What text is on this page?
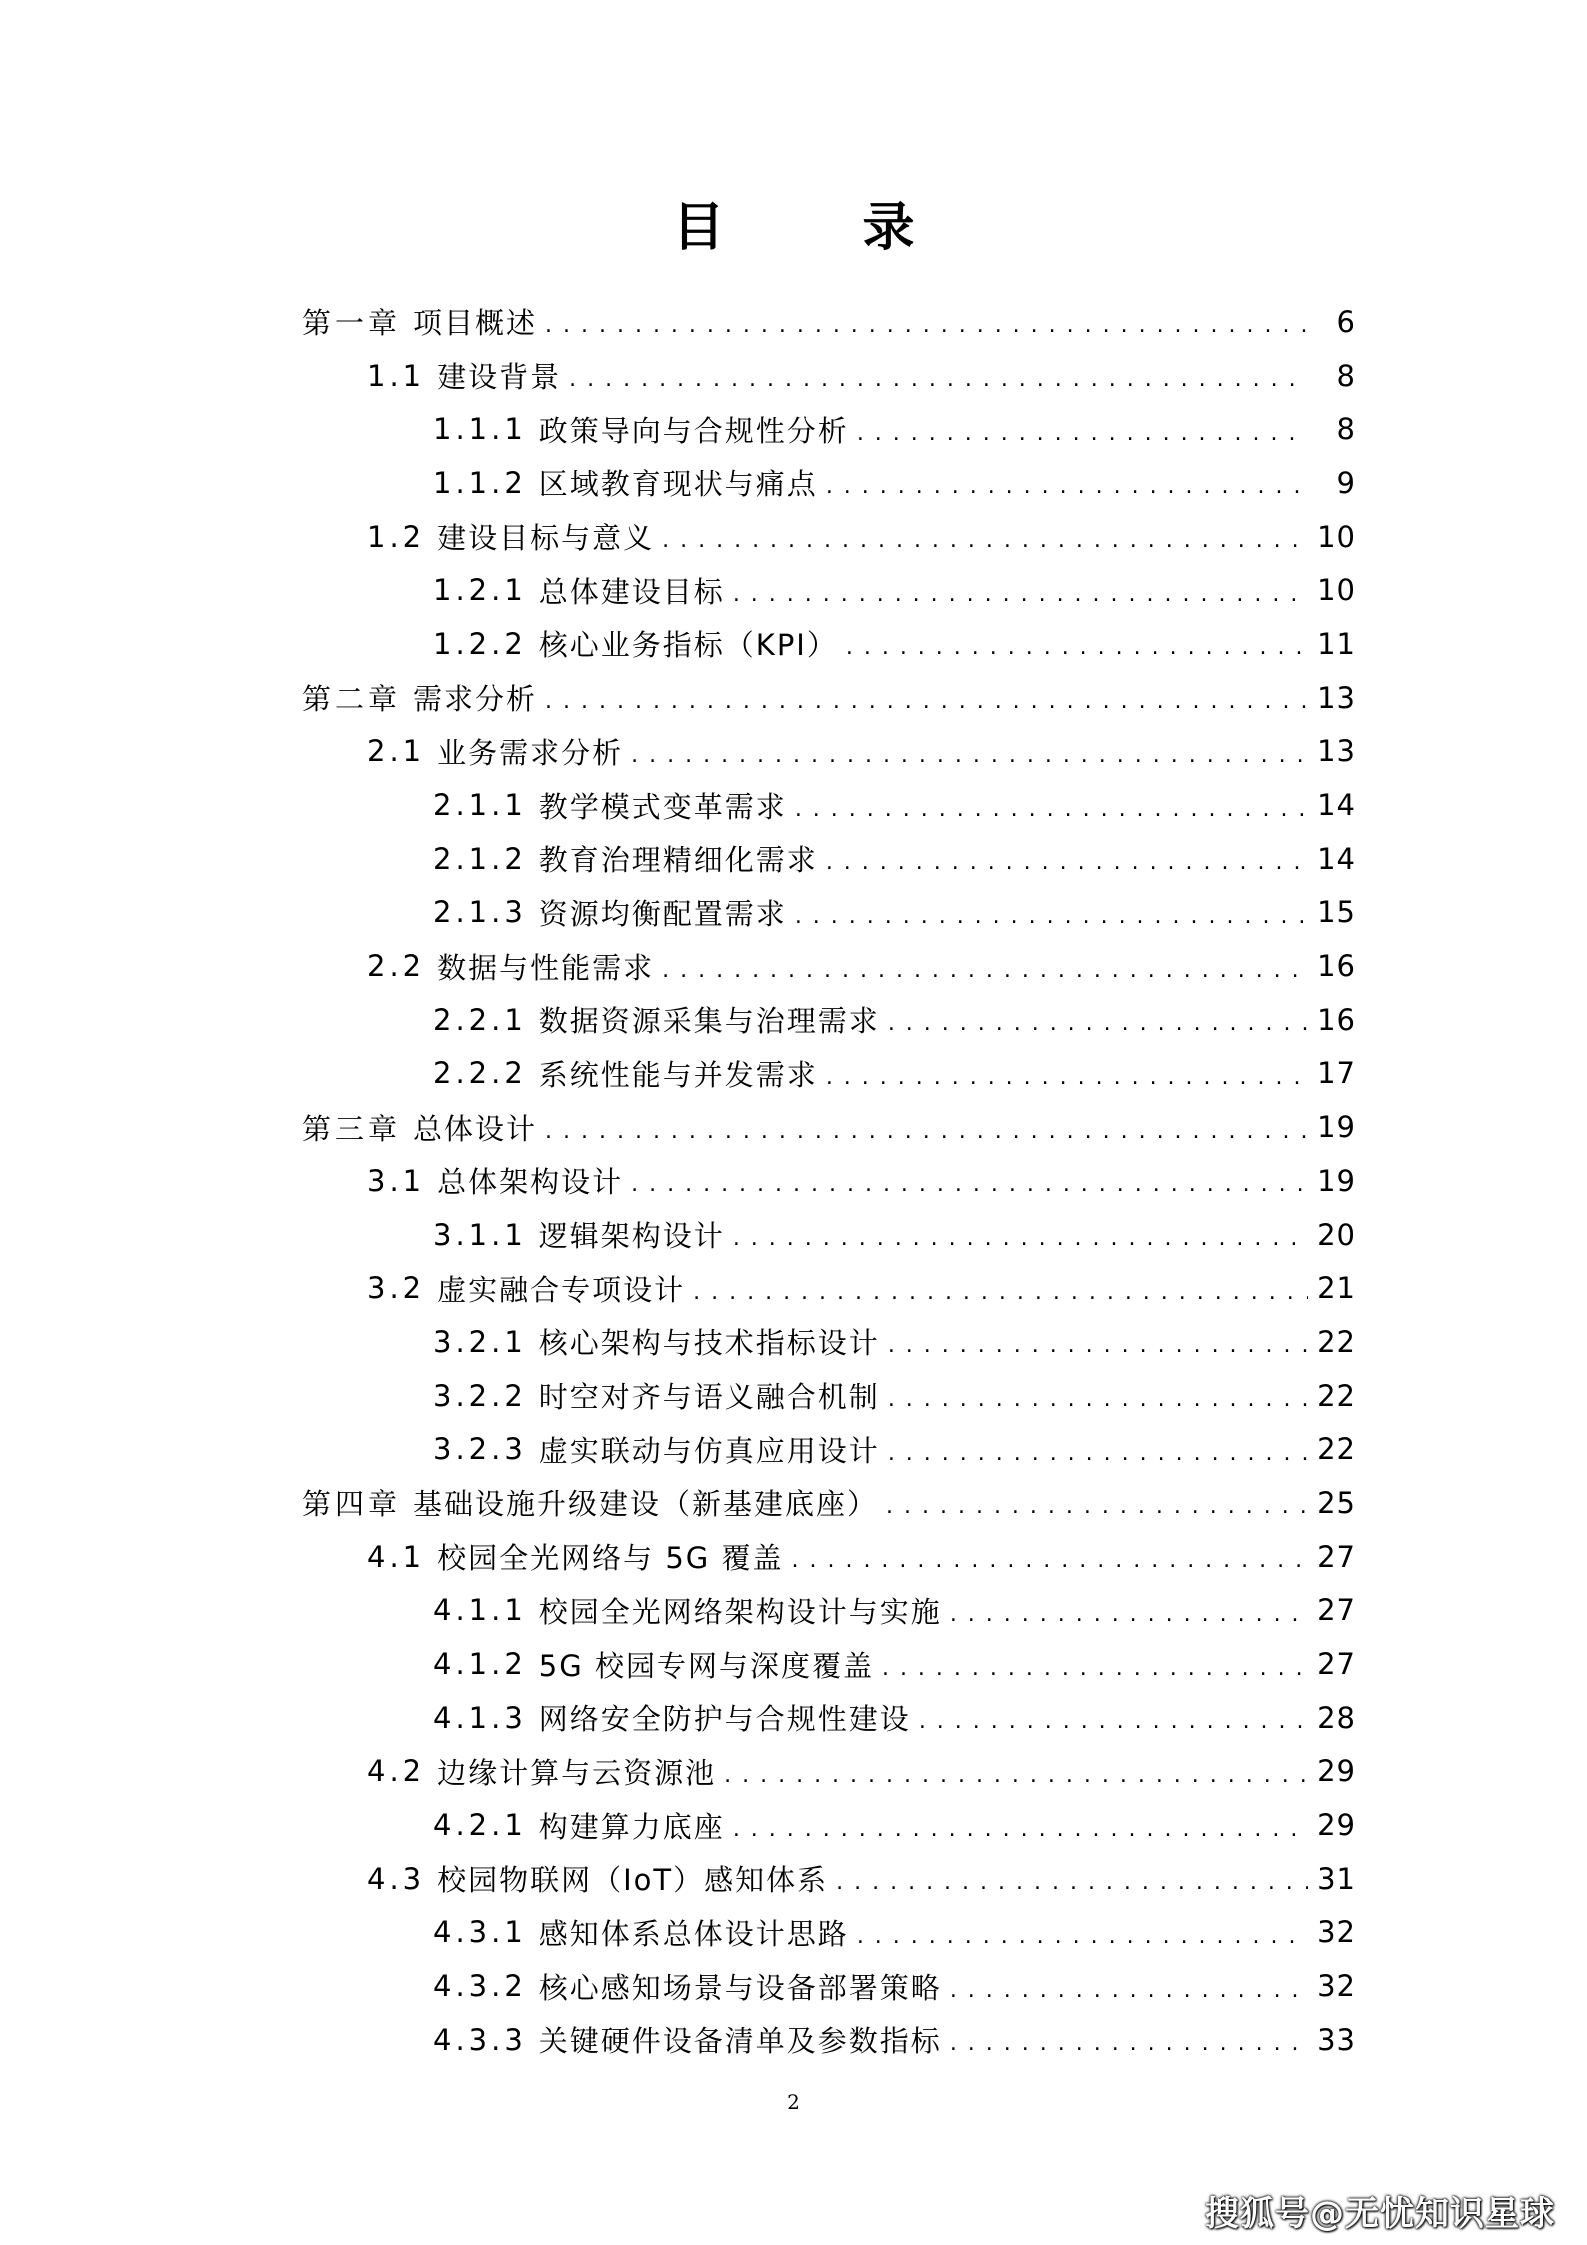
目 录
第一章 项目概述 . . .	6
1.1 建设背景 . . .	8
1.1.1 政策导向与合规性分析 . . .	8
1.1.2 区域教育现状与痛点 . . .	9
1.2 建设目标与意义 . . .	10
1.2.1 总体建设目标 . . .	10
1.2.2 核心业务指标（KPI） . . .	11
第二章 需求分析 . . .	13
2.1 业务需求分析 . . .	13
2.1.1 教学模式变革需求 . . .	14
2.1.2 教育治理精细化需求 . . .	14
2.1.3 资源均衡配置需求 . . .	15
2.2 数据与性能需求 . . .	16
2.2.1 数据资源采集与治理需求 . . .	16
2.2.2 系统性能与并发需求 . . .	17
第三章 总体设计 . . .	19
3.1 总体架构设计 . . .	19
3.1.1 逻辑架构设计 . . .	20
3.2 虚实融合专项设计 . . .	21
3.2.1 核心架构与技术指标设计 . . .	22
3.2.2 时空对齐与语义融合机制 . . .	22
3.2.3 虚实联动与仿真应用设计 . . .	22
第四章 基础设施升级建设（新基建底座） . . .	25
4.1 校园全光网络与 5G 覆盖 . . .	27
4.1.1 校园全光网络架构设计与实施 . . .	27
4.1.2 5G 校园专网与深度覆盖 . . .	27
4.1.3 网络安全防护与合规性建设 . . .	28
4.2 边缘计算与云资源池 . . .	29
4.2.1 构建算力底座 . . .	29
4.3 校园物联网（IoT）感知体系 . . .	31
4.3.1 感知体系总体设计思路 . . .	32
4.3.2 核心感知场景与设备部署策略 . . .	32
4.3.3 关键硬件设备清单及参数指标 . . .	33
2
搜狐号@无忧知识星球
